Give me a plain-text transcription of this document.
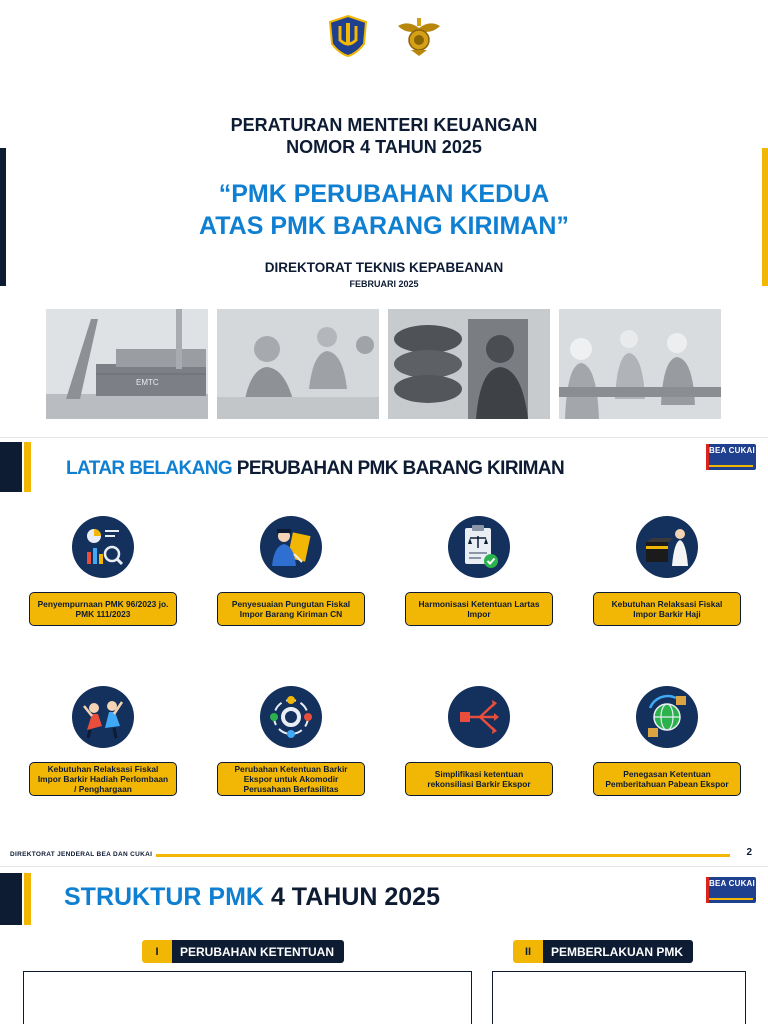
PERATURAN MENTERI KEUANGAN
NOMOR 4 TAHUN 2025
“PMK PERUBAHAN KEDUA
ATAS PMK BARANG KIRIMAN”
DIREKTORAT TEKNIS KEPABEANAN
FEBRUARI 2025
EMTC
LATAR BELAKANG PERUBAHAN PMK BARANG KIRIMAN
BEA CUKAI
Penyempurnaan PMK 96/2023 jo. PMK 111/2023
Penyesuaian Pungutan Fiskal Impor Barang Kiriman CN
Harmonisasi Ketentuan Lartas Impor
Kebutuhan Relaksasi Fiskal Impor Barkir Haji
Kebutuhan Relaksasi Fiskal Impor Barkir Hadiah Perlombaan / Penghargaan
Perubahan Ketentuan Barkir Ekspor untuk Akomodir Perusahaan Berfasilitas
Simplifikasi ketentuan rekonsiliasi Barkir Ekspor
Penegasan Ketentuan Pemberitahuan Pabean Ekspor
DIREKTORAT JENDERAL BEA DAN CUKAI	2
STRUKTUR PMK 4 TAHUN 2025	BEA CUKAI
I	PERUBAHAN KETENTUAN	II	PEMBERLAKUAN PMK
